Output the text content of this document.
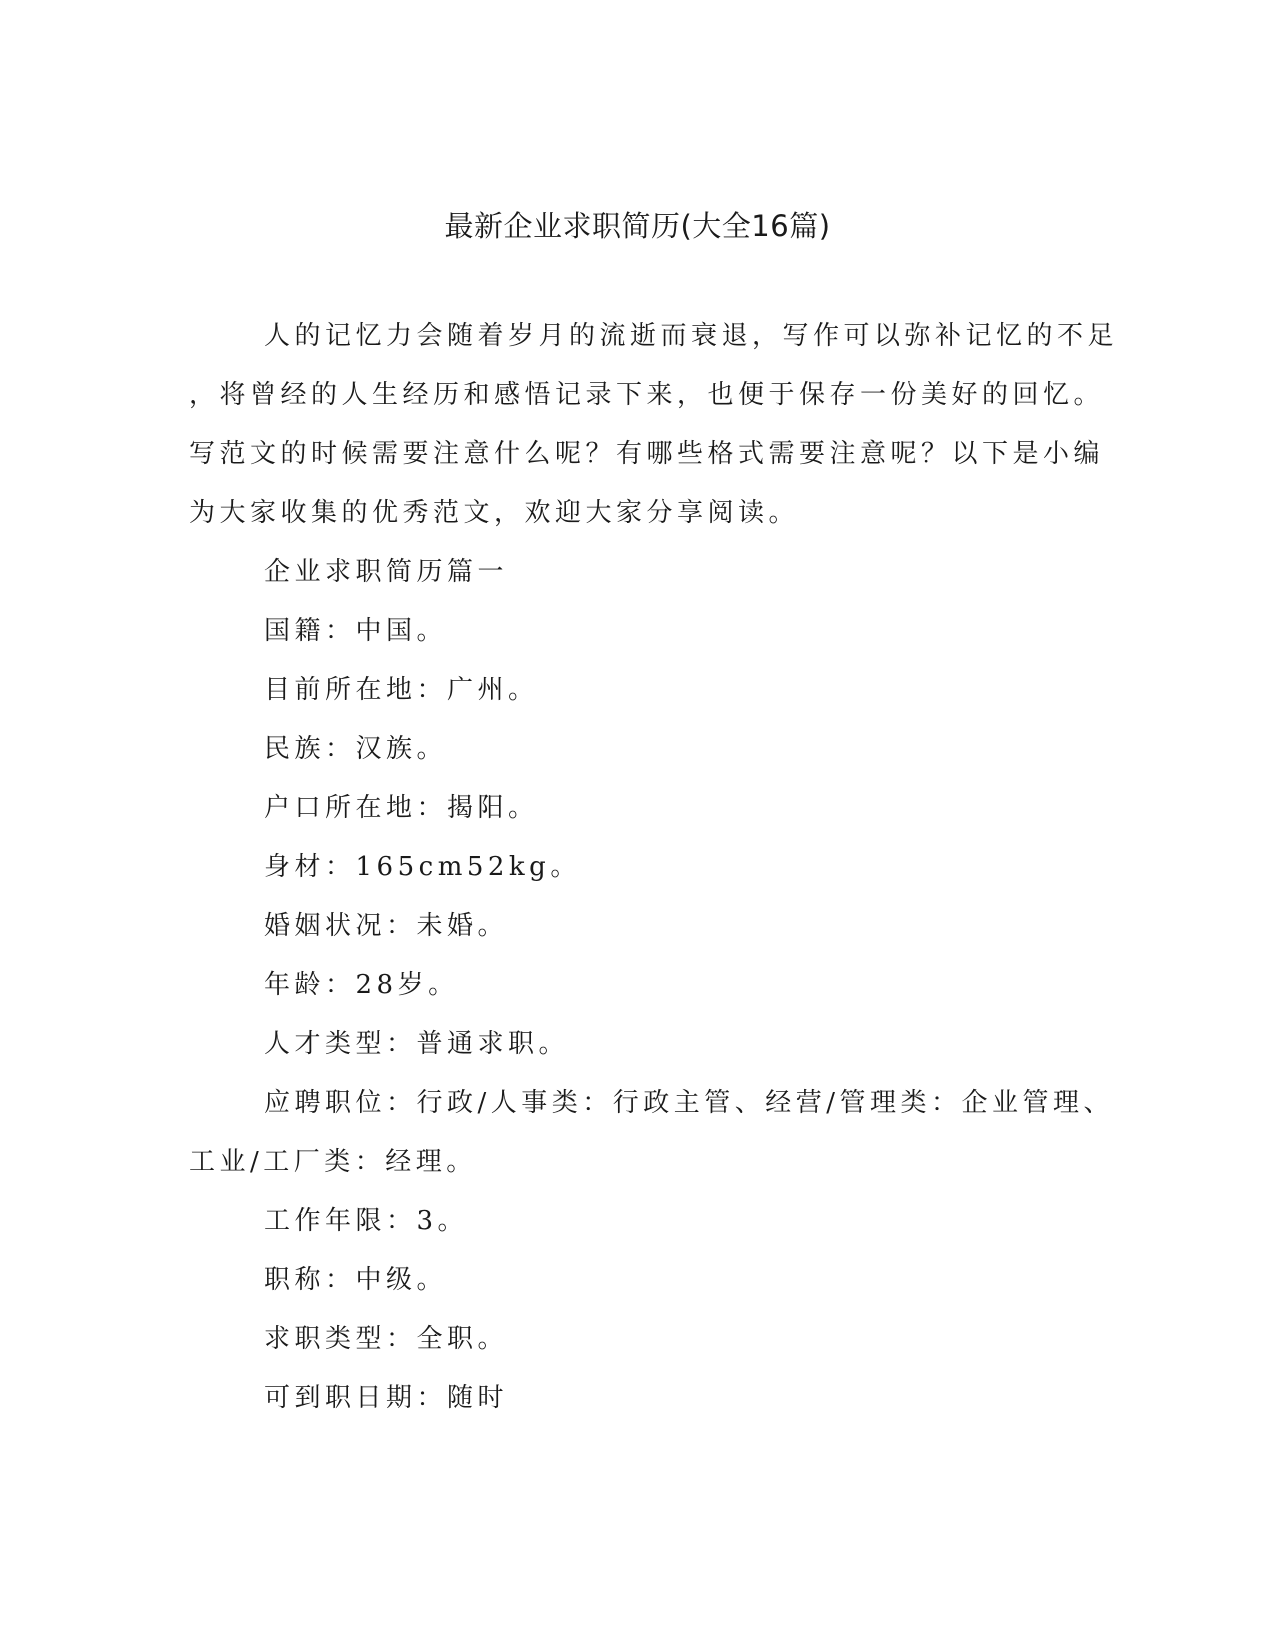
最新企业求职简历(大全16篇)

人的记忆力会随着岁月的流逝而衰退，写作可以弥补记忆的不足

，将曾经的人生经历和感悟记录下来，也便于保存一份美好的回忆。

写范文的时候需要注意什么呢？有哪些格式需要注意呢？以下是小编

为大家收集的优秀范文，欢迎大家分享阅读。

企业求职简历篇一

国籍：中国。

目前所在地：广州。

民族：汉族。

户口所在地：揭阳。

身材：165cm52kg。

婚姻状况：未婚。

年龄：28岁。

人才类型：普通求职。

应聘职位：行政/人事类：行政主管、经营/管理类：企业管理、

工业/工厂类：经理。

工作年限：3。

职称：中级。

求职类型：全职。

可到职日期：随时
